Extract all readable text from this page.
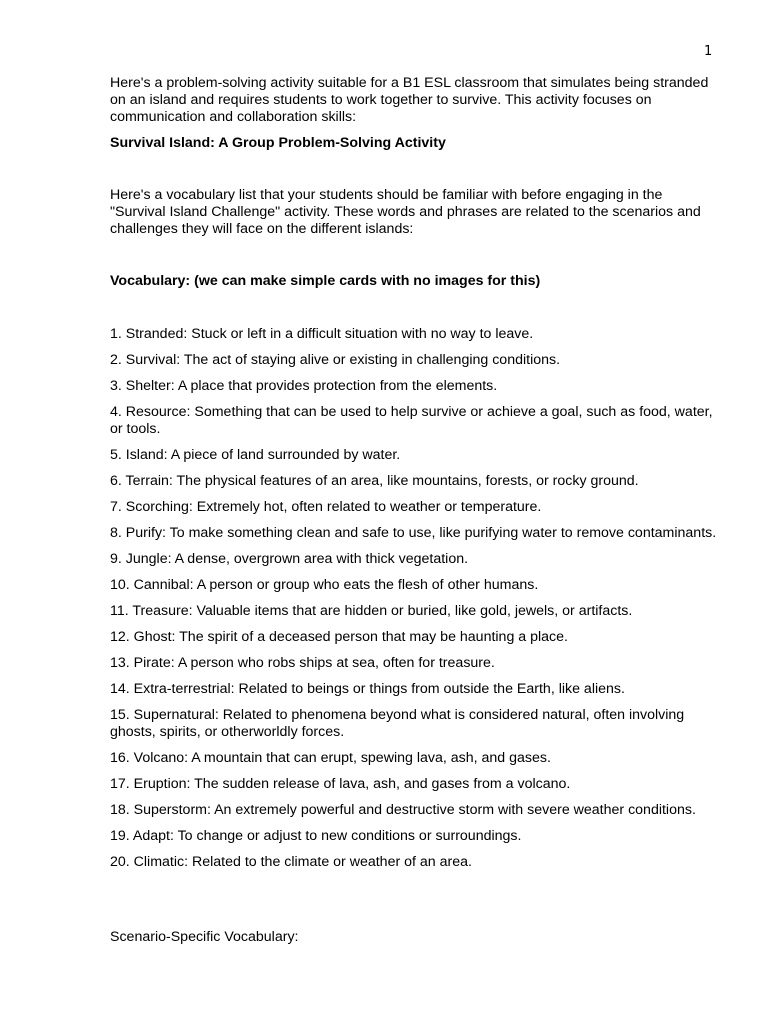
1

Here's a problem-solving activity suitable for a B1 ESL classroom that simulates being stranded on an island and requires students to work together to survive. This activity focuses on communication and collaboration skills:

Survival Island: A Group Problem-Solving Activity

Here's a vocabulary list that your students should be familiar with before engaging in the "Survival Island Challenge" activity. These words and phrases are related to the scenarios and challenges they will face on the different islands:

Vocabulary: (we can make simple cards with no images for this)

1. Stranded: Stuck or left in a difficult situation with no way to leave.
2. Survival: The act of staying alive or existing in challenging conditions.
3. Shelter: A place that provides protection from the elements.
4. Resource: Something that can be used to help survive or achieve a goal, such as food, water, or tools.
5. Island: A piece of land surrounded by water.
6. Terrain: The physical features of an area, like mountains, forests, or rocky ground.
7. Scorching: Extremely hot, often related to weather or temperature.
8. Purify: To make something clean and safe to use, like purifying water to remove contaminants.
9. Jungle: A dense, overgrown area with thick vegetation.
10. Cannibal: A person or group who eats the flesh of other humans.
11. Treasure: Valuable items that are hidden or buried, like gold, jewels, or artifacts.
12. Ghost: The spirit of a deceased person that may be haunting a place.
13. Pirate: A person who robs ships at sea, often for treasure.
14. Extra-terrestrial: Related to beings or things from outside the Earth, like aliens.
15. Supernatural: Related to phenomena beyond what is considered natural, often involving ghosts, spirits, or otherworldly forces.
16. Volcano: A mountain that can erupt, spewing lava, ash, and gases.
17. Eruption: The sudden release of lava, ash, and gases from a volcano.
18. Superstorm: An extremely powerful and destructive storm with severe weather conditions.
19. Adapt: To change or adjust to new conditions or surroundings.
20. Climatic: Related to the climate or weather of an area.

Scenario-Specific Vocabulary:
